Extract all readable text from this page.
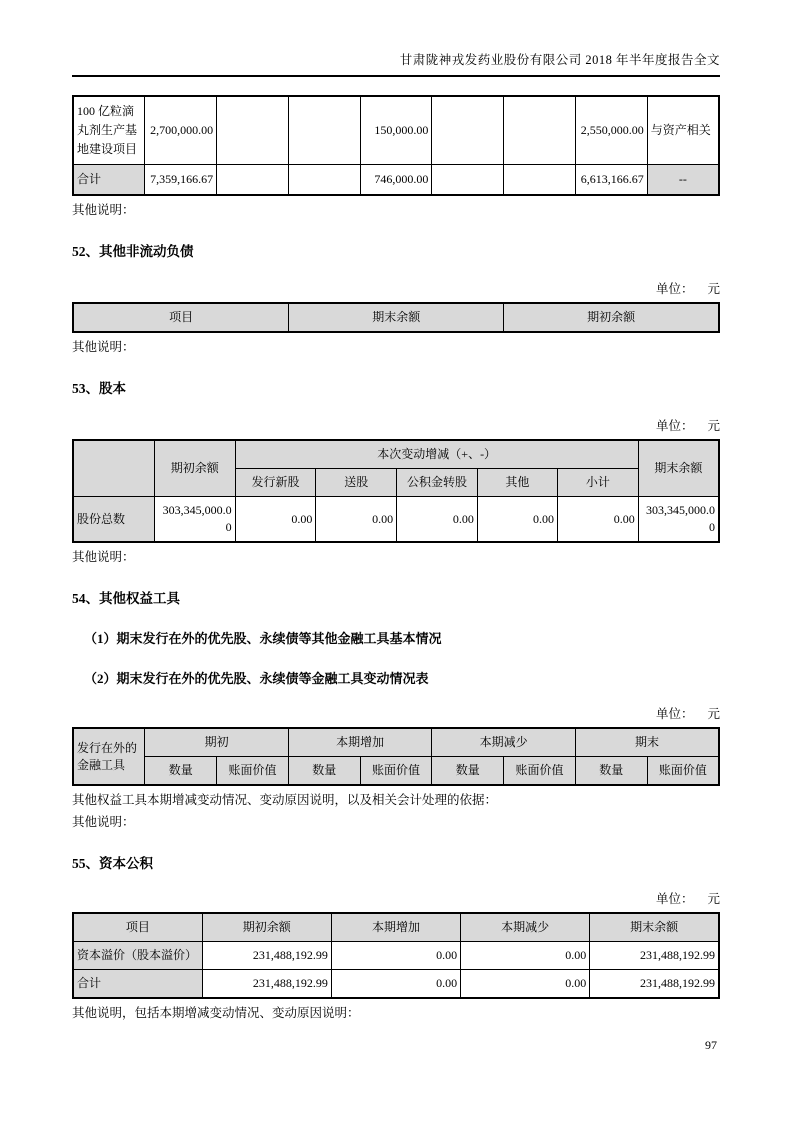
甘肃陇神戎发药业股份有限公司 2018 年半年度报告全文
100 亿粒滴丸剂生产基地建设项目	2,700,000.00			150,000.00			2,550,000.00	与资产相关
合计	7,359,166.67			746,000.00			6,613,166.67	--

其他说明：

52、其他非流动负债
单位： 元
项目	期末余额	期初余额

其他说明：

53、股本
单位： 元
	期初余额	本次变动增减（+、-）					期末余额
		发行新股	送股	公积金转股	其他	小计	
股份总数	303,345,000.00	0.00	0.00	0.00	0.00	0.00	303,345,000.00

其他说明：

54、其他权益工具
（1）期末发行在外的优先股、永续债等其他金融工具基本情况
（2）期末发行在外的优先股、永续债等金融工具变动情况表
单位： 元
发行在外的金融工具	期初		本期增加		本期减少		期末	
	数量	账面价值	数量	账面价值	数量	账面价值	数量	账面价值

其他权益工具本期增减变动情况、变动原因说明，以及相关会计处理的依据：

其他说明：

55、资本公积
单位： 元
项目	期初余额	本期增加	本期减少	期末余额
资本溢价（股本溢价）	231,488,192.99	0.00	0.00	231,488,192.99
合计	231,488,192.99	0.00	0.00	231,488,192.99

其他说明，包括本期增减变动情况、变动原因说明：

97
